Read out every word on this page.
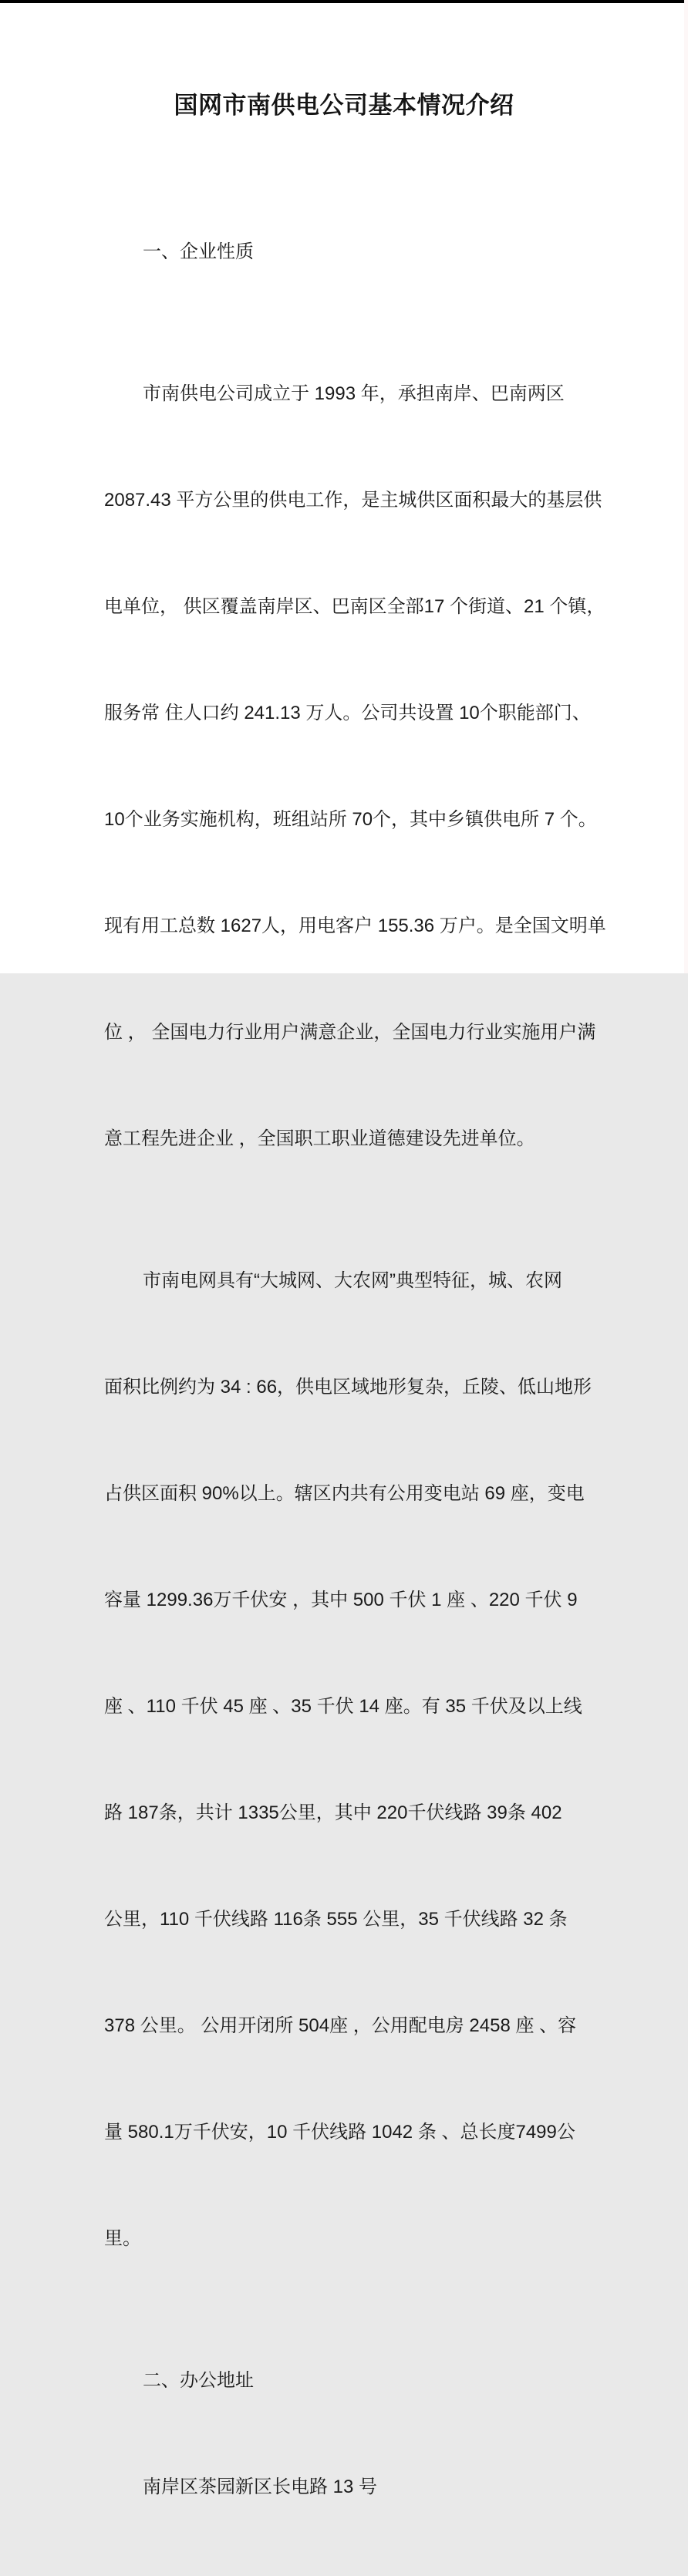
国网市南供电公司基本情况介绍

一、企业性质

市南供电公司成立于 1993 年，承担南岸、巴南两区

2087.43 平方公里的供电工作，是主城供区面积最大的基层供

电单位， 供区覆盖南岸区、巴南区全部17 个街道、21 个镇，

服务常 住人口约 241.13 万人。公司共设置 10个职能部门、

10个业务实施机构，班组站所 70个，其中乡镇供电所 7 个。

现有用工总数 1627人，用电客户 155.36 万户。是全国文明单

位 ， 全国电力行业用户满意企业，全国电力行业实施用户满

意工程先进企业 ，全国职工职业道德建设先进单位。

市南电网具有“大城网、大农网”典型特征，城、农网

面积比例约为 34 : 66，供电区域地形复杂，丘陵、低山地形

占供区面积 90%以上。辖区内共有公用变电站 69 座，变电

容量 1299.36万千伏安 ，其中 500 千伏 1 座 、220 千伏 9

座 、110 千伏 45 座 、35 千伏 14 座。有 35 千伏及以上线

路 187条，共计 1335公里，其中 220千伏线路 39条 402

公里，110 千伏线路 116条 555 公里，35 千伏线路 32 条

378 公里。 公用开闭所 504座 ，公用配电房 2458 座 、容

量 580.1万千伏安，10 千伏线路 1042 条 、总长度7499公

里。

二、办公地址

南岸区茶园新区长电路 13 号
